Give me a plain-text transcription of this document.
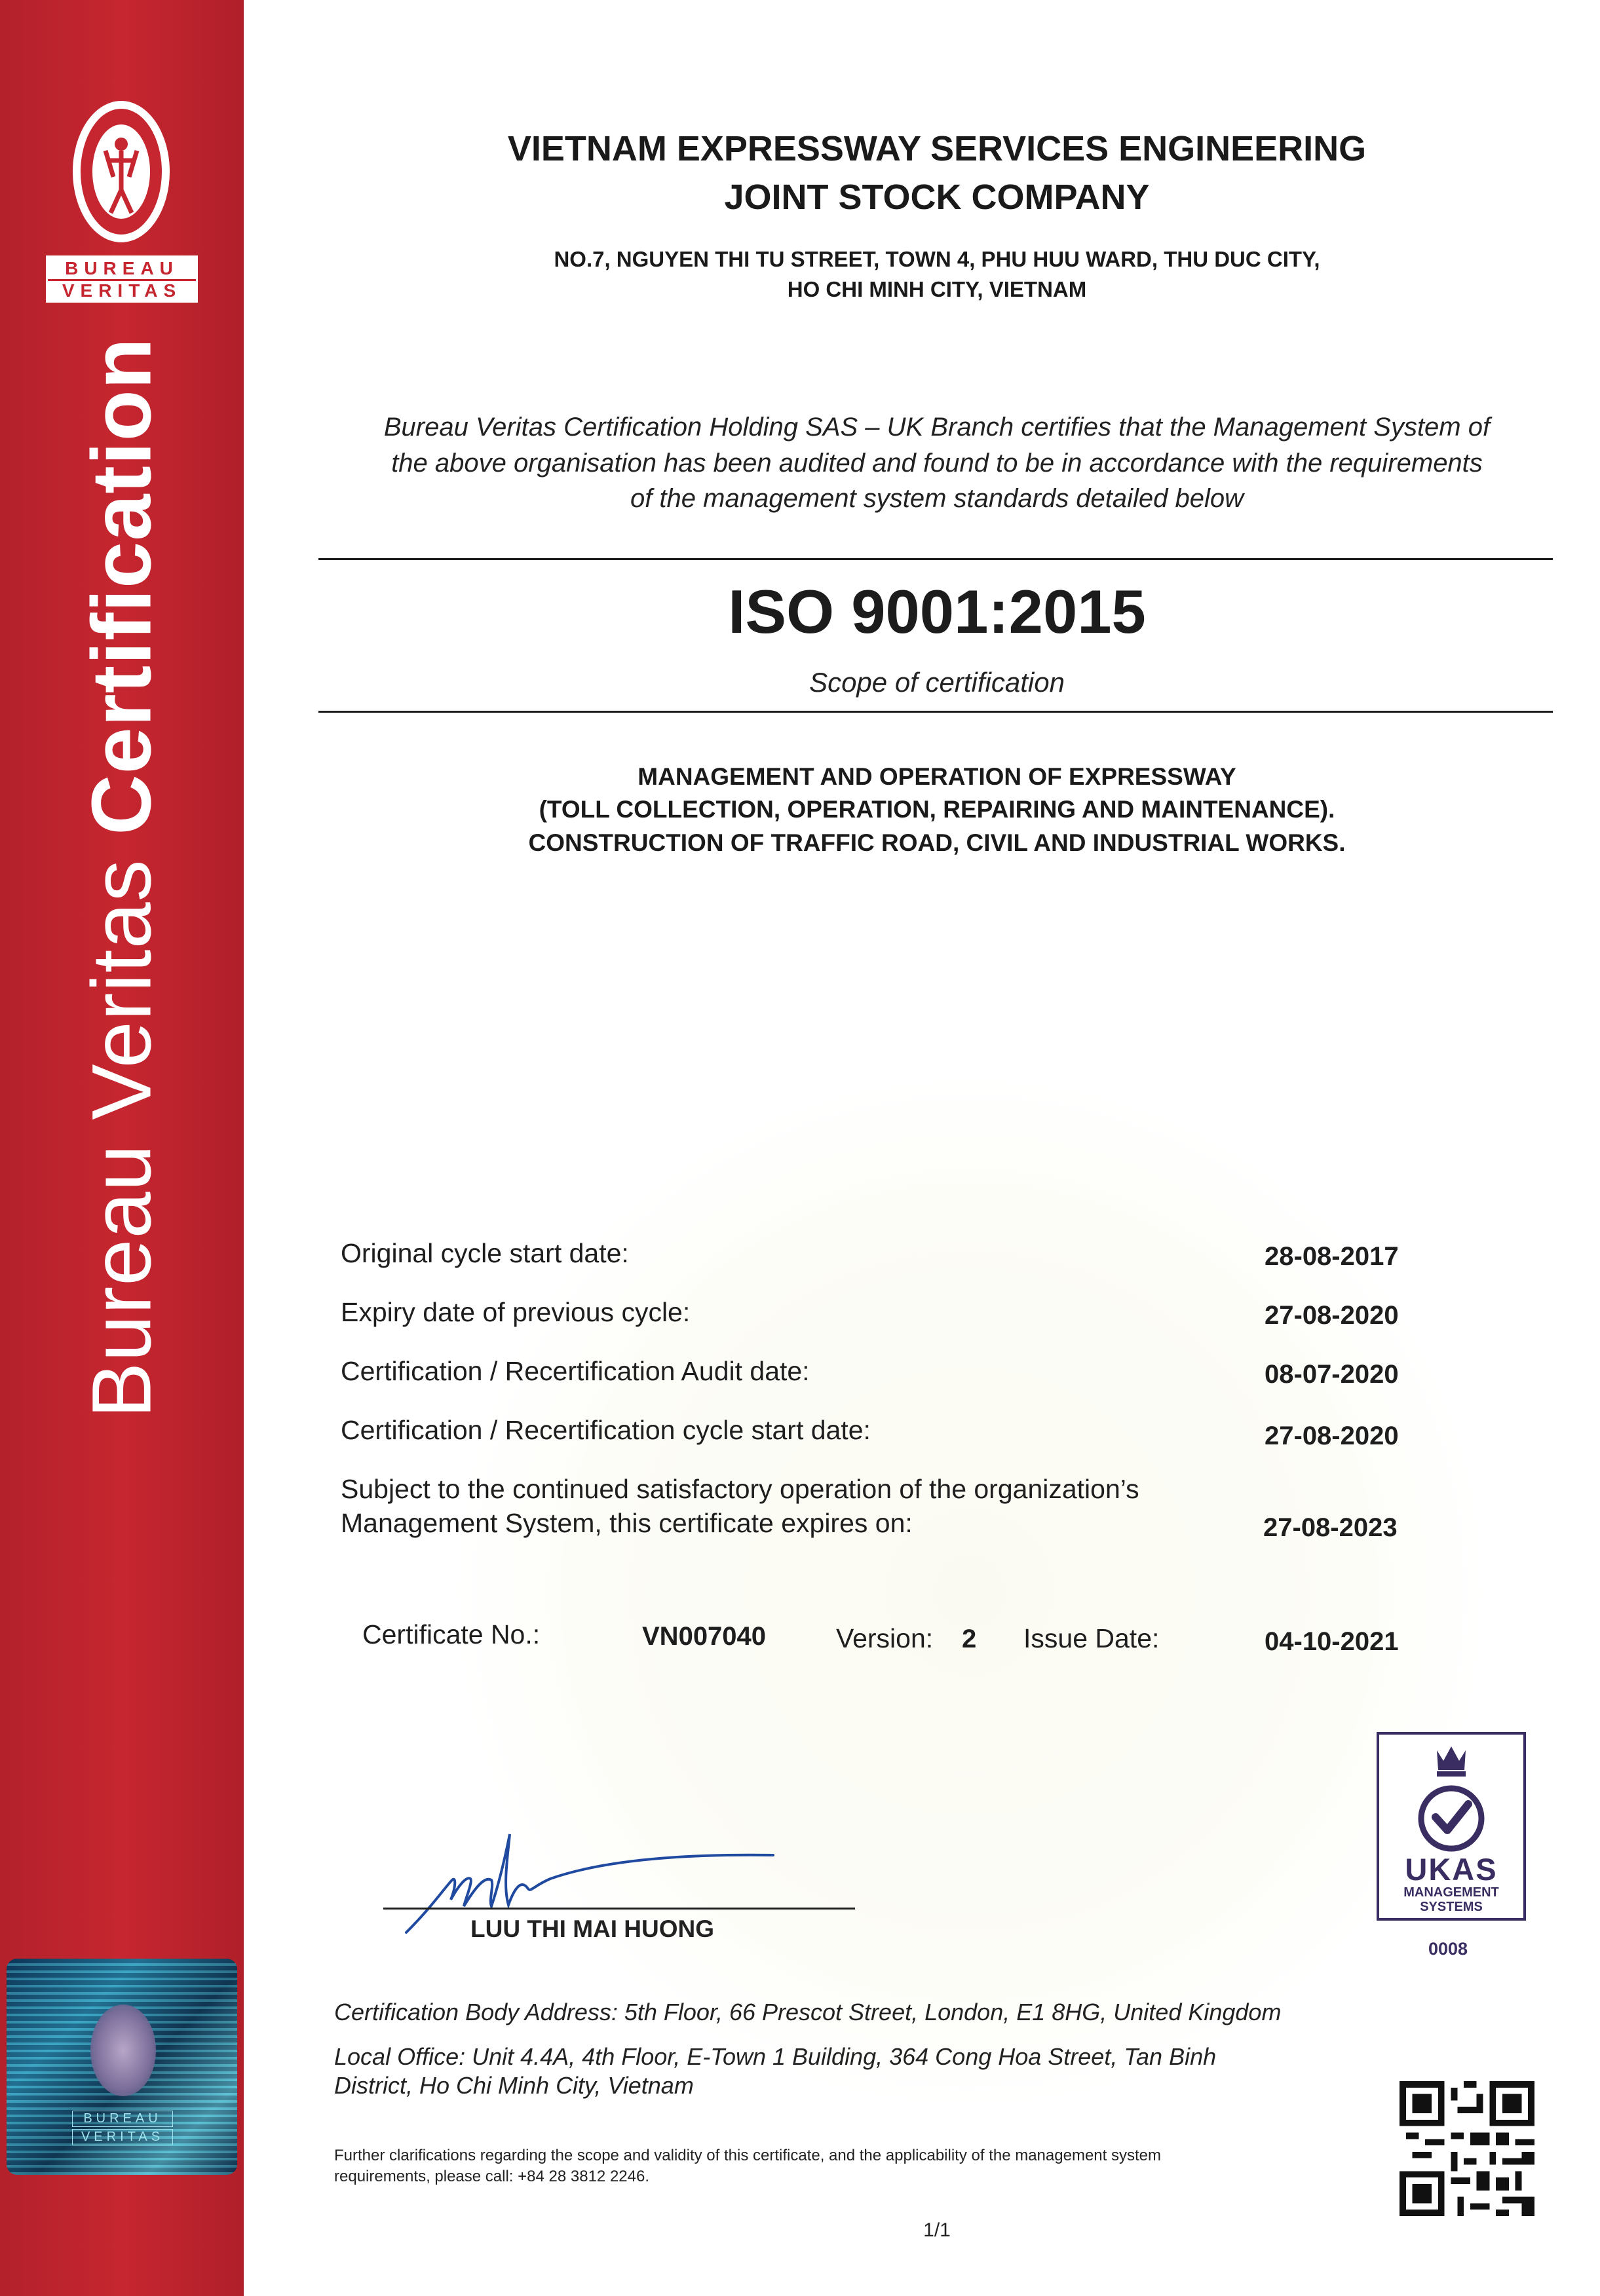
BUREAU
VERITAS
Bureau Veritas Certification
BUREAU
VERITAS
VIETNAM EXPRESSWAY SERVICES ENGINEERING
JOINT STOCK COMPANY
NO.7, NGUYEN THI TU STREET, TOWN 4, PHU HUU WARD, THU DUC CITY,
HO CHI MINH CITY, VIETNAM
Bureau Veritas Certification Holding SAS – UK Branch certifies that the Management System of
the above organisation has been audited and found to be in accordance with the requirements
of the management system standards detailed below
ISO 9001:2015
Scope of certification
MANAGEMENT AND OPERATION OF EXPRESSWAY
(TOLL COLLECTION, OPERATION, REPAIRING AND MAINTENANCE).
CONSTRUCTION OF TRAFFIC ROAD, CIVIL AND INDUSTRIAL WORKS.
Original cycle start date:	28-08-2017
Expiry date of previous cycle:	27-08-2020
Certification / Recertification Audit date:	08-07-2020
Certification / Recertification cycle start date:	27-08-2020
Subject to the continued satisfactory operation of the organization’s
Management System, this certificate expires on:	27-08-2023
Certificate No.:	VN007040	Version: 2 Issue Date:	04-10-2021
UKAS
MANAGEMENT
SYSTEMS
0008
LUU THI MAI HUONG
Certification Body Address: 5th Floor, 66 Prescot Street, London, E1 8HG, United Kingdom
Local Office: Unit 4.4A, 4th Floor, E-Town 1 Building, 364 Cong Hoa Street, Tan Binh
District, Ho Chi Minh City, Vietnam
Further clarifications regarding the scope and validity of this certificate, and the applicability of the management system
requirements, please call: +84 28 3812 2246.
1/1
